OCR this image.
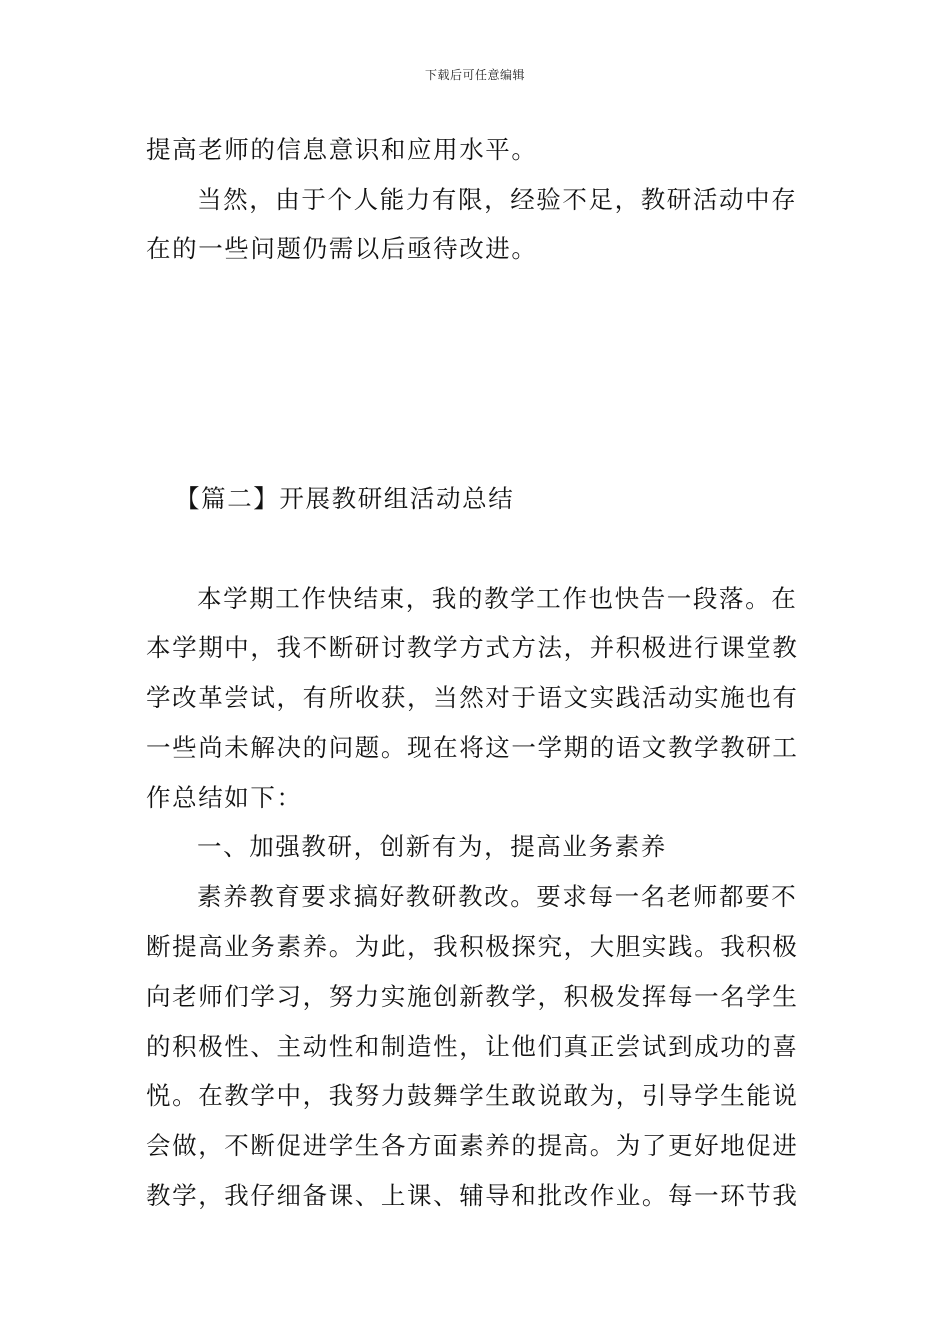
下载后可任意编辑
提高老师的信息意识和应用水平。
当然，由于个人能力有限，经验不足，教研活动中存
在的一些问题仍需以后亟待改进。
【篇二】开展教研组活动总结
本学期工作快结束，我的教学工作也快告一段落。在
本学期中，我不断研讨教学方式方法，并积极进行课堂教
学改革尝试，有所收获，当然对于语文实践活动实施也有
一些尚未解决的问题。现在将这一学期的语文教学教研工
作总结如下：
一、加强教研，创新有为，提高业务素养
素养教育要求搞好教研教改。要求每一名老师都要不
断提高业务素养。为此，我积极探究，大胆实践。我积极
向老师们学习，努力实施创新教学，积极发挥每一名学生
的积极性、主动性和制造性，让他们真正尝试到成功的喜
悦。在教学中，我努力鼓舞学生敢说敢为，引导学生能说
会做，不断促进学生各方面素养的提高。为了更好地促进
教学，我仔细备课、上课、辅导和批改作业。每一环节我
